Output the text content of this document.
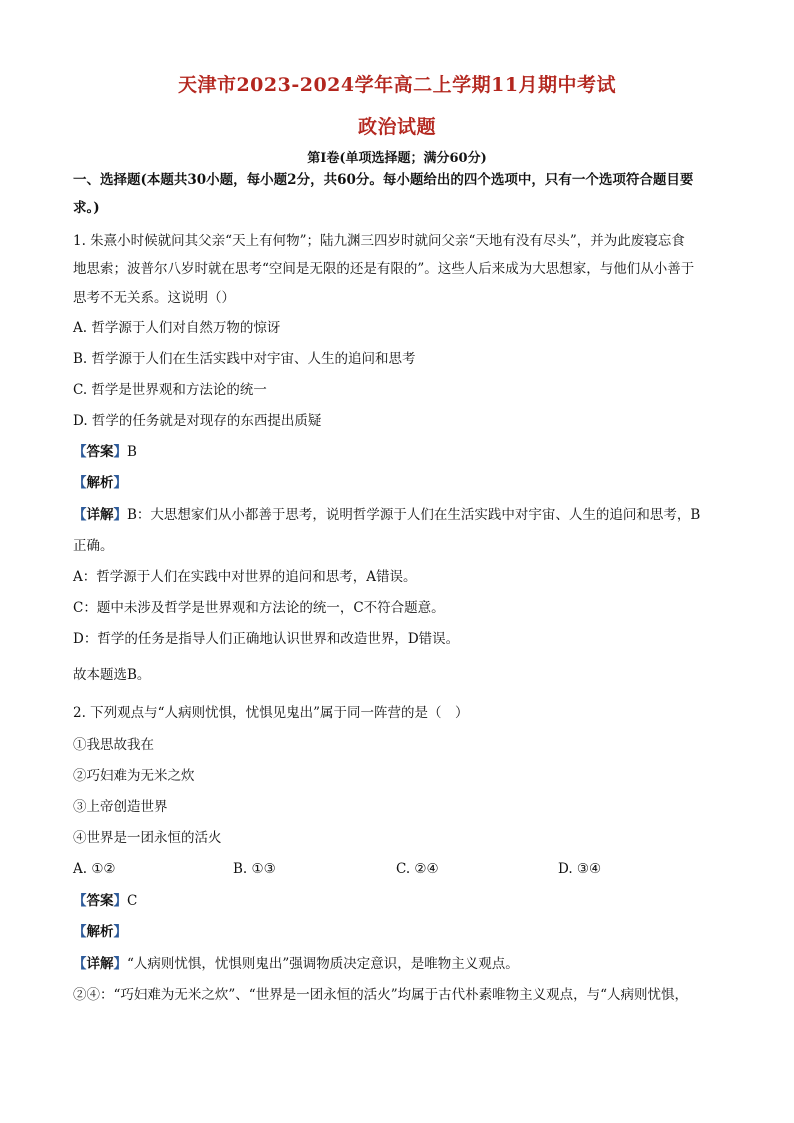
天津市2023-2024学年高二上学期11月期中考试
政治试题
第Ⅰ卷(单项选择题；满分60分)
一、选择题(本题共30小题，每小题2分，共60分。每小题给出的四个选项中，只有一个选项符合题目要
求。)
1. 朱熹小时候就问其父亲“天上有何物”；陆九渊三四岁时就问父亲“天地有没有尽头”，并为此废寝忘食
地思索；波普尔八岁时就在思考“空间是无限的还是有限的”。这些人后来成为大思想家，与他们从小善于
思考不无关系。这说明（）
A. 哲学源于人们对自然万物的惊讶
B. 哲学源于人们在生活实践中对宇宙、人生的追问和思考
C. 哲学是世界观和方法论的统一
D. 哲学的任务就是对现存的东西提出质疑
【答案】B
【解析】
【详解】B：大思想家们从小都善于思考，说明哲学源于人们在生活实践中对宇宙、人生的追问和思考，B
正确。
A：哲学源于人们在实践中对世界的追问和思考，A错误。
C：题中未涉及哲学是世界观和方法论的统一，C不符合题意。
D：哲学的任务是指导人们正确地认识世界和改造世界，D错误。
故本题选B。
2. 下列观点与“人病则忧惧，忧惧见鬼出”属于同一阵营的是（　）
①我思故我在
②巧妇难为无米之炊
③上帝创造世界
④世界是一团永恒的活火
A. ①②	B. ①③	C. ②④	D. ③④
【答案】C
【解析】
【详解】“人病则忧惧，忧惧则鬼出”强调物质决定意识，是唯物主义观点。
②④：“巧妇难为无米之炊”、“世界是一团永恒的活火”均属于古代朴素唯物主义观点，与“人病则忧惧，
